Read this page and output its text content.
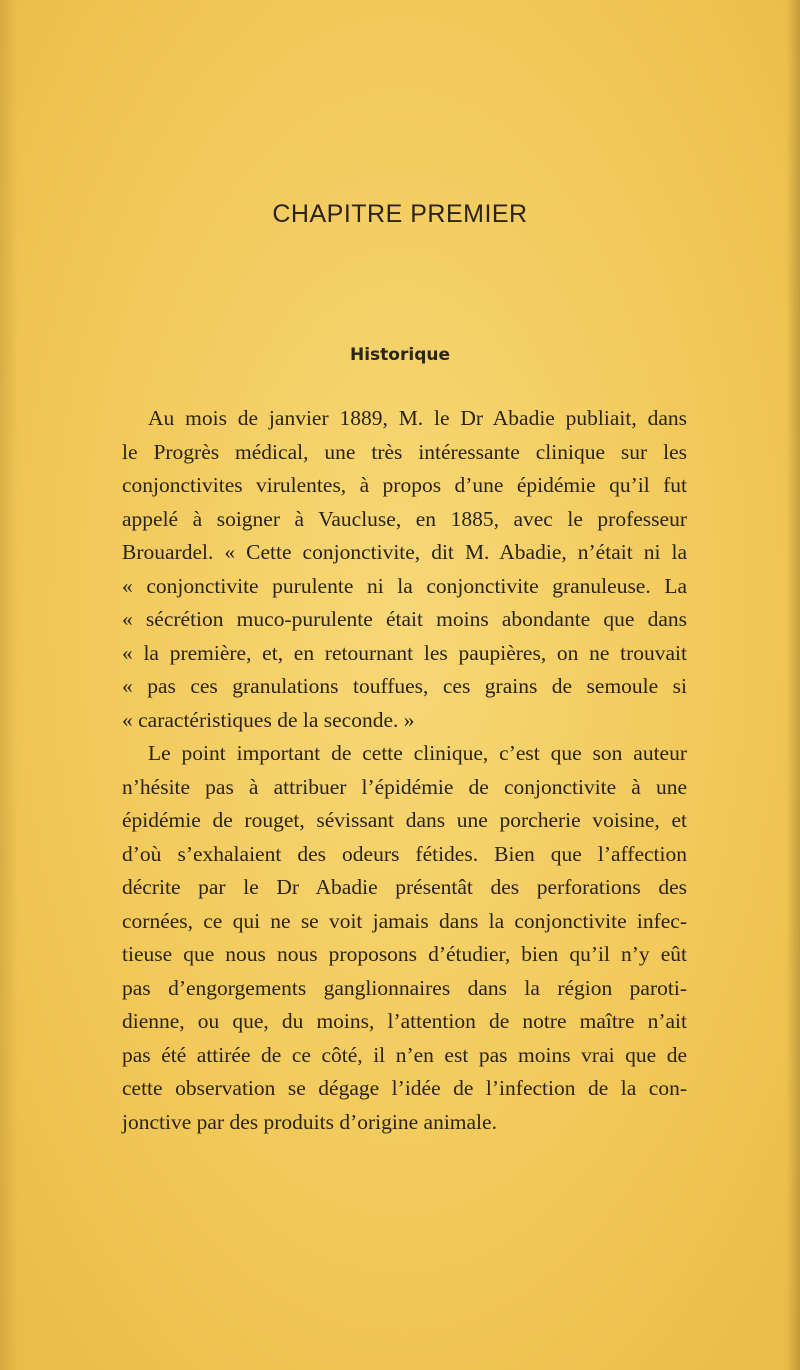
CHAPITRE PREMIER
Historique
Au mois de janvier 1889, M. le Dr Abadie publiait, dans
le Progrès médical, une très intéressante clinique sur les
conjonctivites virulentes, à propos d’une épidémie qu’il fut
appelé à soigner à Vaucluse, en 1885, avec le professeur
Brouardel. « Cette conjonctivite, dit M. Abadie, n’était ni la
« conjonctivite purulente ni la conjonctivite granuleuse. La
« sécrétion muco-purulente était moins abondante que dans
« la première, et, en retournant les paupières, on ne trouvait
« pas ces granulations touffues, ces grains de semoule si
« caractéristiques de la seconde. »
Le point important de cette clinique, c’est que son auteur
n’hésite pas à attribuer l’épidémie de conjonctivite à une
épidémie de rouget, sévissant dans une porcherie voisine, et
d’où s’exhalaient des odeurs fétides. Bien que l’affection
décrite par le Dr Abadie présentât des perforations des
cornées, ce qui ne se voit jamais dans la conjonctivite infec-
tieuse que nous nous proposons d’étudier, bien qu’il n’y eût
pas d’engorgements ganglionnaires dans la région paroti-
dienne, ou que, du moins, l’attention de notre maître n’ait
pas été attirée de ce côté, il n’en est pas moins vrai que de
cette observation se dégage l’idée de l’infection de la con-
jonctive par des produits d’origine animale.
